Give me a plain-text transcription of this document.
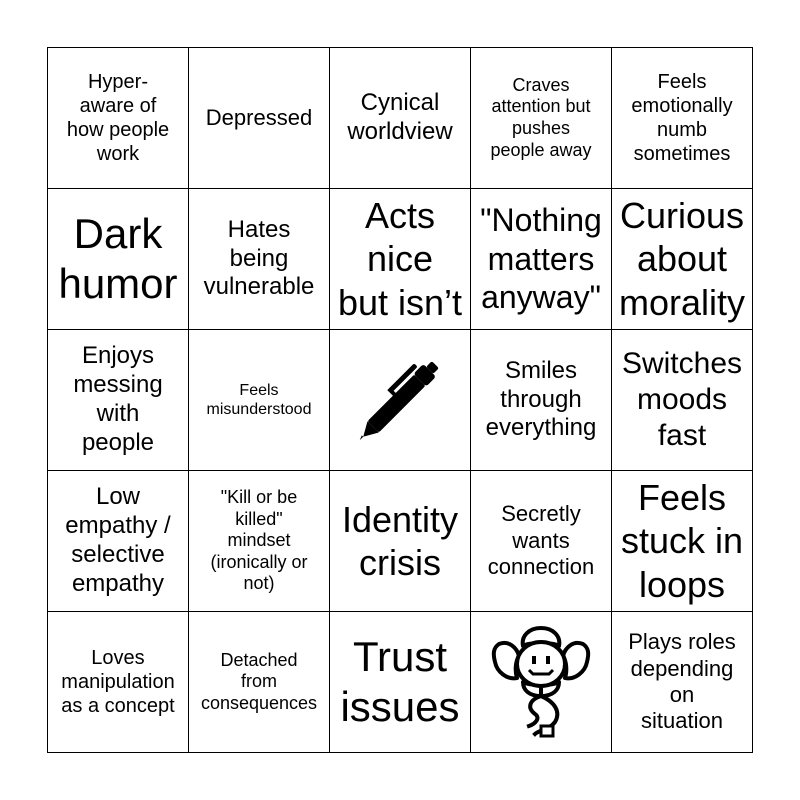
Hyper-
aware of
how people
work
Depressed
Cynical
worldview
Craves
attention but
pushes
people away
Feels
emotionally
numb
sometimes
Dark
humor
Hates
being
vulnerable
Acts
nice
but isn’t
"Nothing
matters
anyway"
Curious
about
morality
Enjoys
messing
with
people
Feels
misunderstood
Smiles
through
everything
Switches
moods
fast
Low
empathy /
selective
empathy
"Kill or be
killed"
mindset
(ironically or
not)
Identity
crisis
Secretly
wants
connection
Feels
stuck in
loops
Loves
manipulation
as a concept
Detached
from
consequences
Trust
issues
Plays roles
depending
on
situation
